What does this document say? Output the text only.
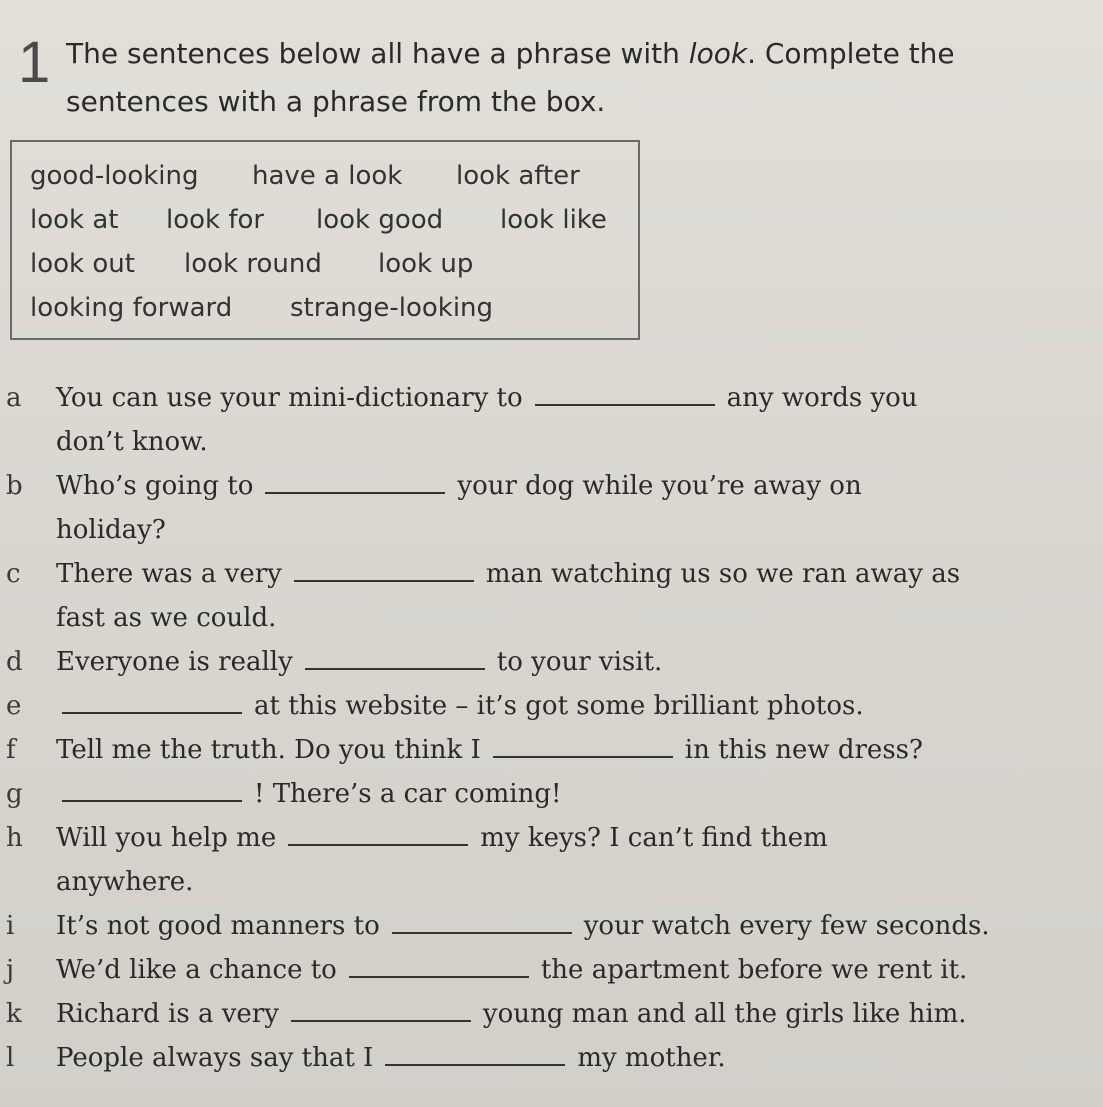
1 The sentences below all have a phrase with look. Complete the sentences with a phrase from the box.

good-looking have a look look after
look at look for look good look like
look out look round look up
looking forward strange-looking
a	You can use your mini-dictionary to	any words you
don’t know.
b	Who’s going to	your dog while you’re away on
holiday?
c	There was a very	man watching us so we ran away as
fast as we could.
d	Everyone is really	to your visit.
e	at this website – it’s got some brilliant photos.
f	Tell me the truth. Do you think I	in this new dress?
g	! There’s a car coming!
h	Will you help me	my keys? I can’t find them
anywhere.
i	It’s not good manners to	your watch every few seconds.
j	We’d like a chance to	the apartment before we rent it.
k	Richard is a very	young man and all the girls like him.
l	People always say that I	my mother.
